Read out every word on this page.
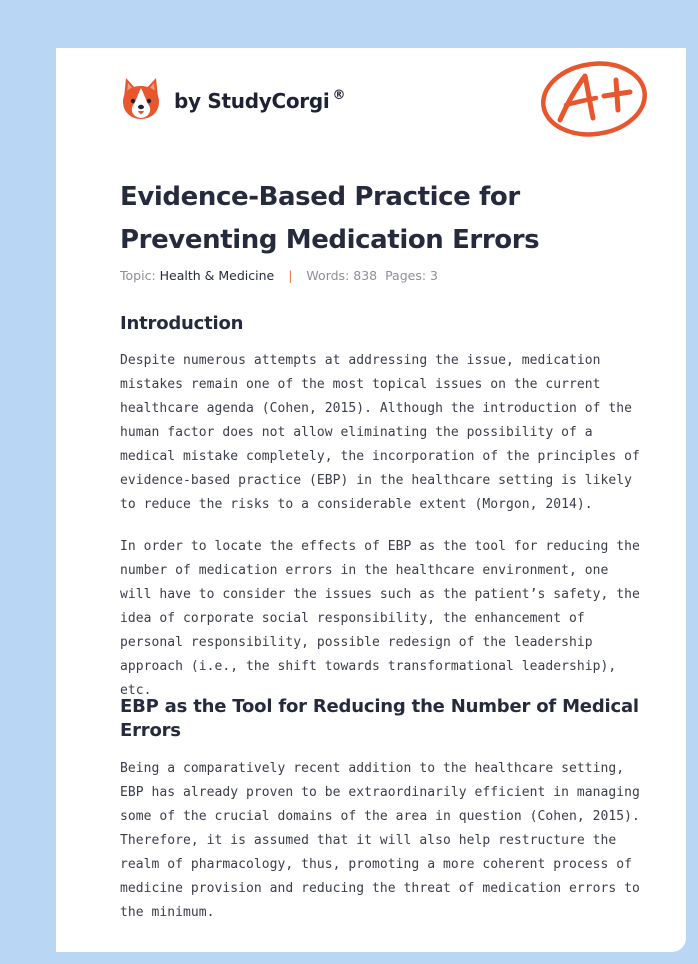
by StudyCorgi ®
Evidence-Based Practice for
Preventing Medication Errors
Topic: Health & Medicine | Words: 838 Pages: 3
Introduction

Despite numerous attempts at addressing the issue, medication mistakes remain one of the most topical issues on the current healthcare agenda (Cohen, 2015). Although the introduction of the human factor does not allow eliminating the possibility of a medical mistake completely, the incorporation of the principles of evidence-based practice (EBP) in the healthcare setting is likely to reduce the risks to a considerable extent (Morgon, 2014).

In order to locate the effects of EBP as the tool for reducing the number of medication errors in the healthcare environment, one will have to consider the issues such as the patient’s safety, the idea of corporate social responsibility, the enhancement of personal responsibility, possible redesign of the leadership approach (i.e., the shift towards transformational leadership), etc.

EBP as the Tool for Reducing the Number of Medical Errors

Being a comparatively recent addition to the healthcare setting, EBP has already proven to be extraordinarily efficient in managing some of the crucial domains of the area in question (Cohen, 2015). Therefore, it is assumed that it will also help restructure the realm of pharmacology, thus, promoting a more coherent process of medicine provision and reducing the threat of medication errors to the minimum.
